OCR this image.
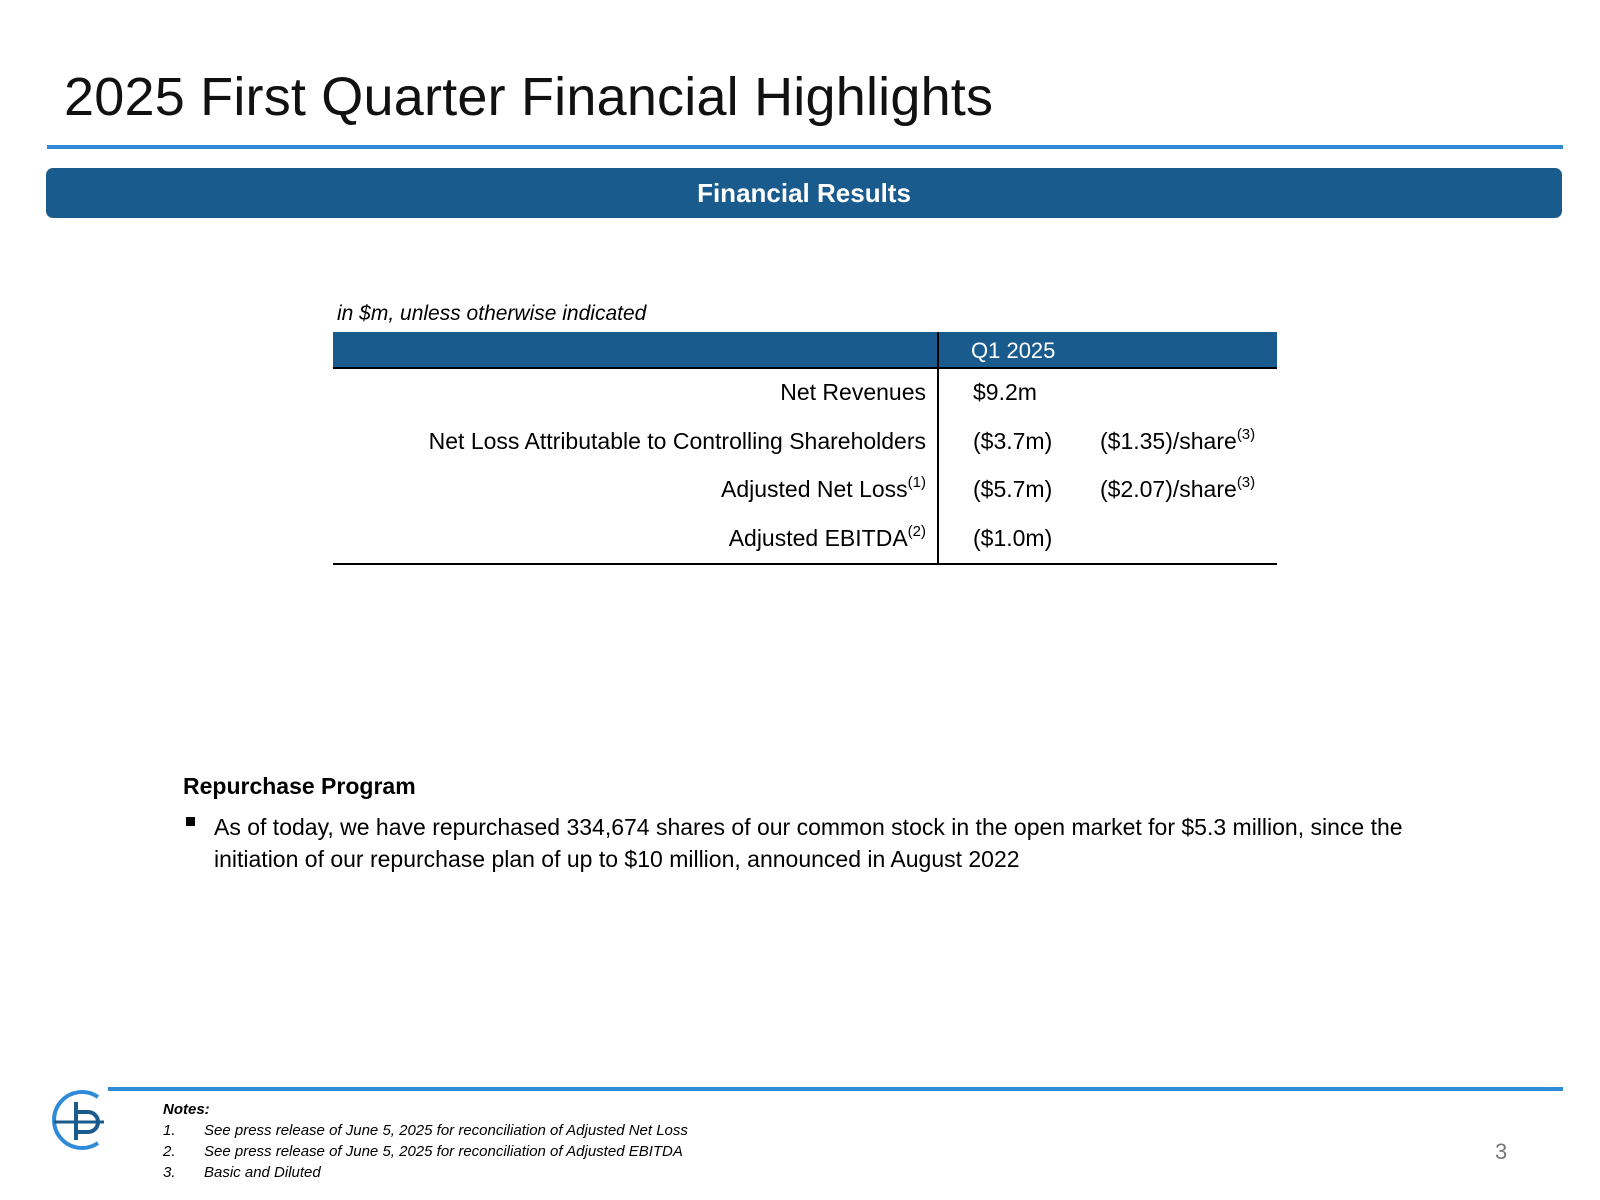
2025 First Quarter Financial Highlights
Financial Results
in $m, unless otherwise indicated
Q1 2025
Net Revenues $9.2m
Net Loss Attributable to Controlling Shareholders ($3.7m) ($1.35)/share$^{(3)}$
Adjusted Net Loss$^{(1)}$ ($5.7m) ($2.07)/share$^{(3)}$
Adjusted EBITDA$^{(2)}$ ($1.0m)
Repurchase Program
As of today, we have repurchased 334,674 shares of our common stock in the open market for $5.3 million, since the initiation of our repurchase plan of up to $10 million, announced in August 2022
Notes:
1. See press release of June 5, 2025 for reconciliation of Adjusted Net Loss
2. See press release of June 5, 2025 for reconciliation of Adjusted EBITDA
3. Basic and Diluted
3
